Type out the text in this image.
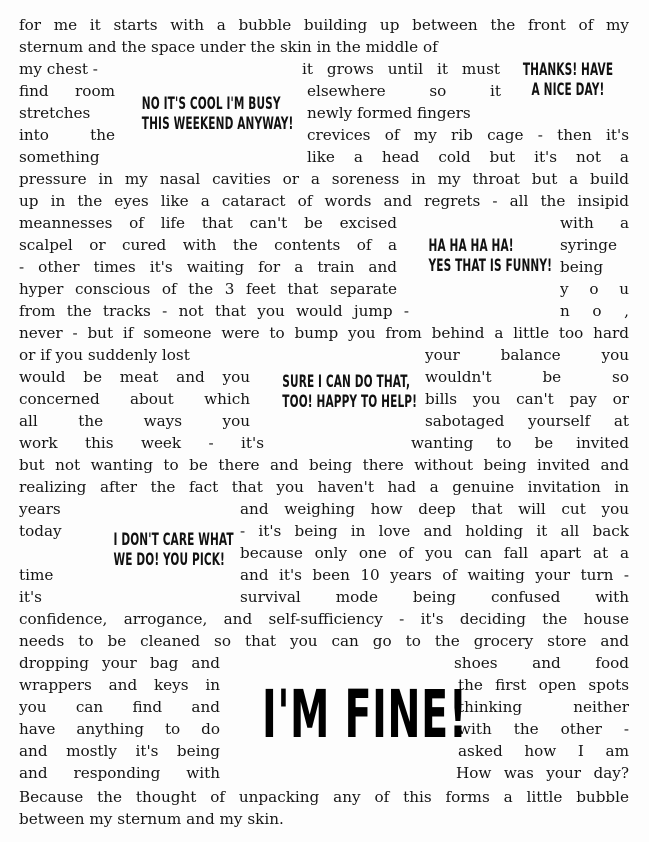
for me it starts with a bubble building up between the front of my

sternum and the space under the skin in the middle of

my chest -

find room

stretches

into the

something

it grows until it must

elsewhere so it

newly formed fingers

crevices of my rib cage - then it's

like a head cold but it's not a

THANKS! HAVE
A NICE DAY!
NO IT'S COOL I'M BUSY
THIS WEEKEND ANYWAY!

pressure in my nasal cavities or a soreness in my throat but a build

up in the eyes like a cataract of words and regrets - all the insipid

meannesses of life that can't be excised

scalpel or cured with the contents of a

- other times it's waiting for a train and

hyper conscious of the 3 feet that separate

from the tracks - not that you would jump -

with a

syringe

being

y o u

n o ,

HA HA HA HA!
YES THAT IS FUNNY!

never - but if someone were to bump you from behind a little too hard

or if you suddenly lost

would be meat and you

concerned about which

all the ways you

work this week - it's

your balance you

wouldn't be so

bills you can't pay or

sabotaged yourself at

wanting to be invited

SURE I CAN DO THAT,
TOO! HAPPY TO HELP!

but not wanting to be there and being there without being invited and

realizing after the fact that you haven't had a genuine invitation in

years

today

time

it's

and weighing how deep that will cut you

- it's being in love and holding it all back

because only one of you can fall apart at a

and it's been 10 years of waiting your turn -

survival mode being confused with

I DON'T CARE WHAT
WE DO! YOU PICK!

confidence, arrogance, and self-sufficiency - it's deciding the house

needs to be cleaned so that you can go to the grocery store and

dropping your bag and

wrappers and keys in

you can find and

have anything to do

and mostly it's being

and responding with

shoes and food

the first open spots

thinking neither

with the other -

asked how I am

How was your day?

I'M FINE!

Because the thought of unpacking any of this forms a little bubble

between my sternum and my skin.
